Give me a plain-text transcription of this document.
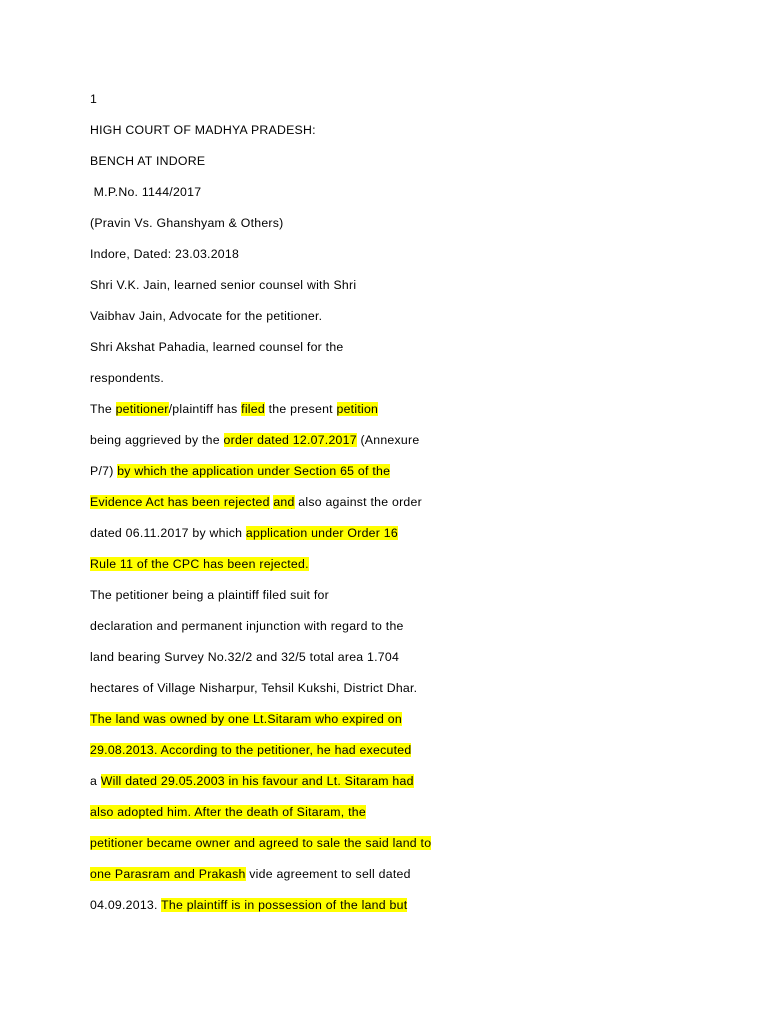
1
HIGH COURT OF MADHYA PRADESH:
BENCH AT INDORE
M.P.No. 1144/2017
(Pravin Vs. Ghanshyam & Others)
Indore, Dated: 23.03.2018
Shri V.K. Jain, learned senior counsel with Shri
Vaibhav Jain, Advocate for the petitioner.
Shri Akshat Pahadia, learned counsel for the
respondents.
The petitioner/plaintiff has filed the present petition
being aggrieved by the order dated 12.07.2017 (Annexure
P/7) by which the application under Section 65 of the
Evidence Act has been rejected and also against the order
dated 06.11.2017 by which application under Order 16
Rule 11 of the CPC has been rejected.
The petitioner being a plaintiff filed suit for
declaration and permanent injunction with regard to the
land bearing Survey No.32/2 and 32/5 total area 1.704
hectares of Village Nisharpur, Tehsil Kukshi, District Dhar.
The land was owned by one Lt.Sitaram who expired on
29.08.2013. According to the petitioner, he had executed
a Will dated 29.05.2003 in his favour and Lt. Sitaram had
also adopted him. After the death of Sitaram, the
petitioner became owner and agreed to sale the said land to
one Parasram and Prakash vide agreement to sell dated
04.09.2013. The plaintiff is in possession of the land but
